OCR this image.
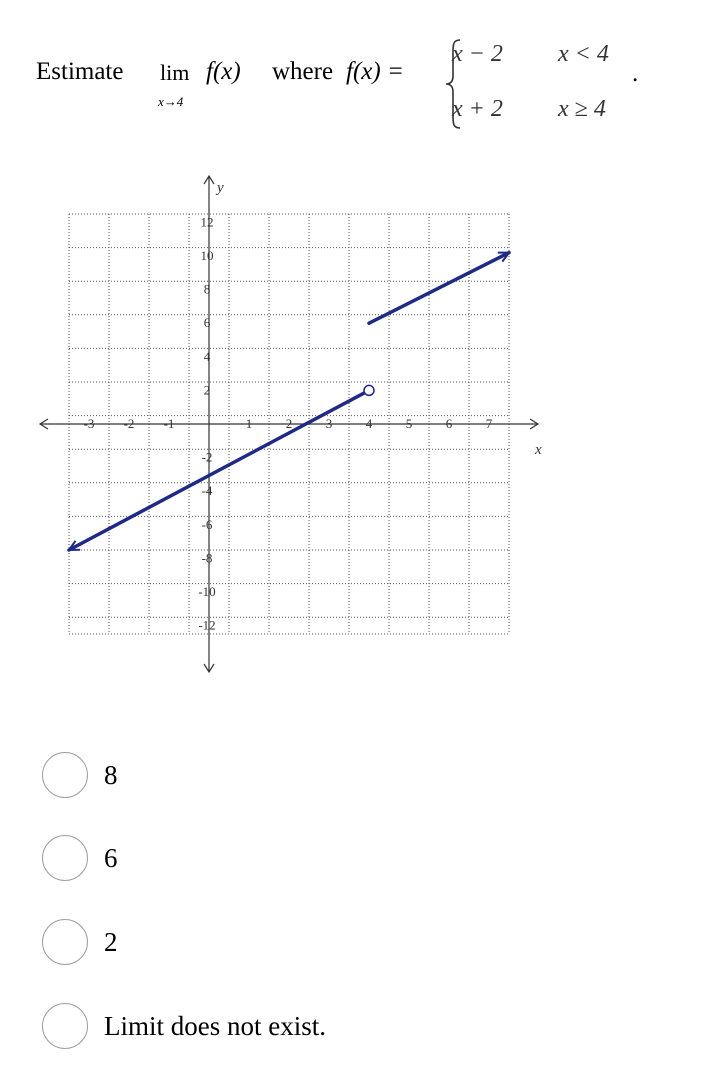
Estimate lim
x→4
f(x) where f(x) =
x − 2 x < 4
x + 2 x ≥ 4
.
x
y
-3 -2 -1	1	2	3	4	5	6	7
12
10
8
6
4
2
-2
-4
-6
-8
-10
-12
8
6
2
Limit does not exist.
